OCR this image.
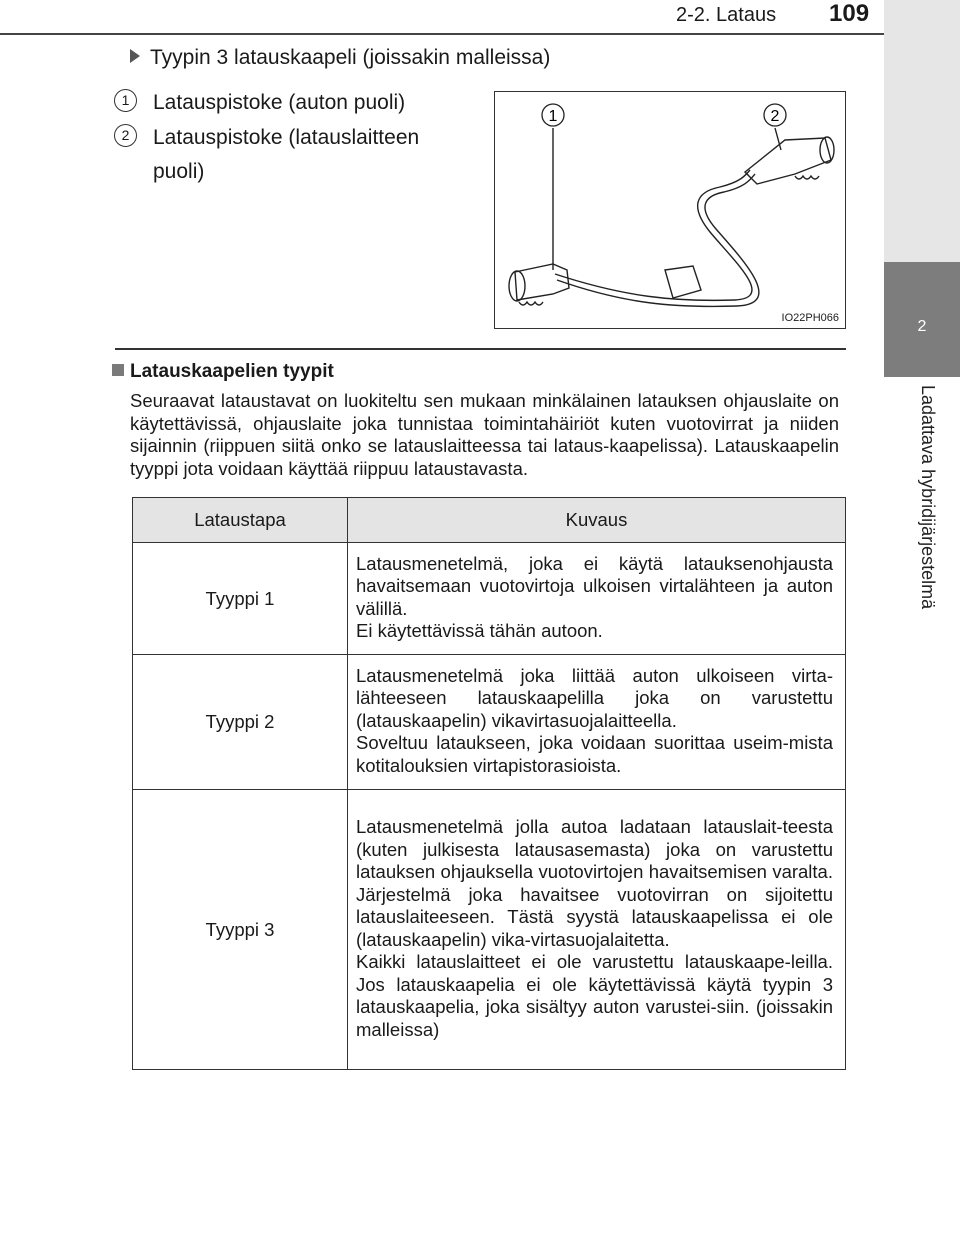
2-2. Lataus 109
2
Ladattava hybridijärjestelmä
Tyypin 3 latauskaapeli (joissakin malleissa)
1 Latauspistoke (auton puoli)
2 Latauspistoke (latauslaitteen puoli)
1	2
IO22PH066
Latauskaapelien tyypit
Seuraavat lataustavat on luokiteltu sen mukaan minkälainen latauksen ohjauslaite on käytettävissä, ohjauslaite joka tunnistaa toimintahäiriöt kuten vuotovirrat ja niiden sijainnin (riippuen siitä onko se latauslaitteessa tai lataus-kaapelissa). Latauskaapelin tyyppi jota voidaan käyttää riippuu lataustavasta.
Lataustapa	Kuvaus
Tyyppi 1	Latausmenetelmä, joka ei käytä latauksenohjausta havaitsemaan vuotovirtoja ulkoisen virtalähteen ja auton välillä.
Ei käytettävissä tähän autoon.

Tyyppi 2	Latausmenetelmä joka liittää auton ulkoiseen virta-lähteeseen latauskaapelilla joka on varustettu (latauskaapelin) vikavirtasuojalaitteella.
Soveltuu lataukseen, joka voidaan suorittaa useim-mista kotitalouksien virtapistorasioista.

Tyyppi 3	Latausmenetelmä jolla autoa ladataan latauslait-teesta (kuten julkisesta latausasemasta) joka on varustettu latauksen ohjauksella vuotovirtojen havaitsemisen varalta. Järjestelmä joka havaitsee vuotovirran on sijoitettu latauslaiteeseen. Tästä syystä latauskaapelissa ei ole (latauskaapelin) vika-virtasuojalaitetta.
Kaikki latauslaitteet ei ole varustettu latauskaape-leilla. Jos latauskaapelia ei ole käytettävissä käytä tyypin 3 latauskaapelia, joka sisältyy auton varustei-siin. (joissakin malleissa)
